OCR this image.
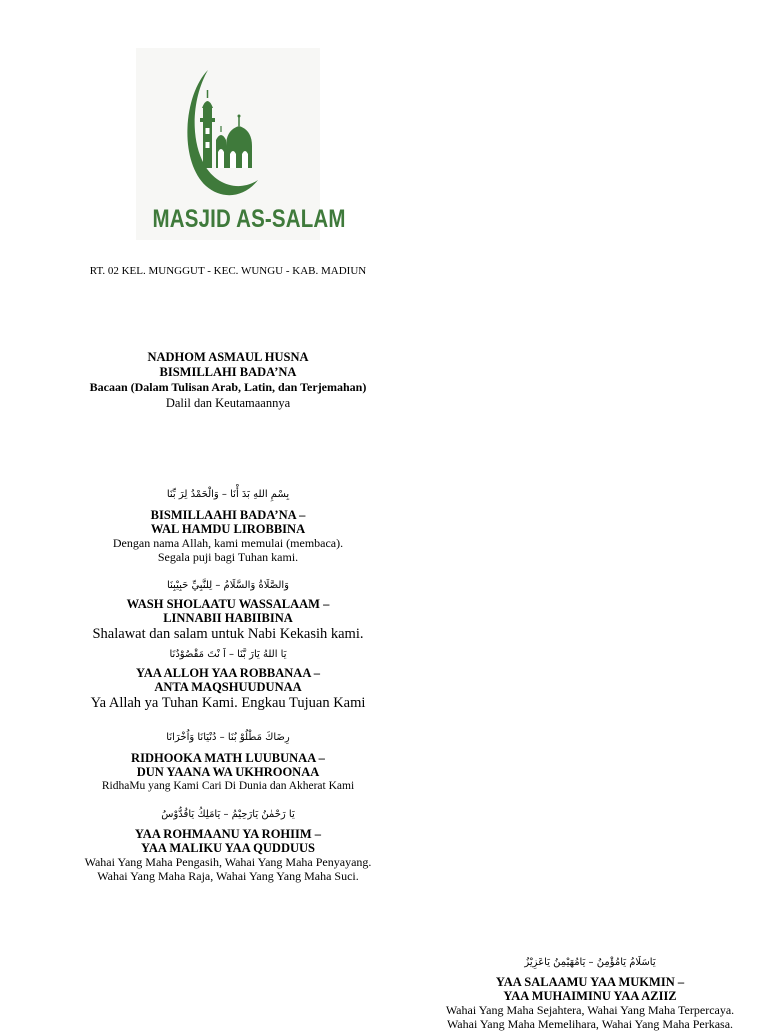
MASJID AS-SALAM
RT. 02 KEL. MUNGGUT - KEC. WUNGU - KAB. MADIUN
NADHOM ASMAUL HUSNA
BISMILLAHI BADA’NA
Bacaan (Dalam Tulisan Arab, Latin, dan Terjemahan)
Dalil dan Keutamaannya
بِسْمِ اللهِ بَدَ أْنَا – وَالْحَمْدُ لِرَ بِّنَا
BISMILLAAHI BADA’NA –
WAL HAMDU LIROBBINA
Dengan nama Allah, kami memulai (membaca).
Segala puji bagi Tuhan kami.
وَالصَّلَاةُ وَالسَّلَامُ – لِلنَّبِيِّ حَبِيْبِنَا
WASH SHOLAATU WASSALAAM –
LINNABII HABIIBINA
Shalawat dan salam untuk Nabi Kekasih kami.
يَا اللهُ يَارَ بَّنَا – اَ نْتَ مَقْصُوْدُنَا
YAA ALLOH YAA ROBBANAA –
ANTA MAQSHUUDUNAA
Ya Allah ya Tuhan Kami. Engkau Tujuan Kami
رِضَاكَ مَطْلُوْ بُنَا – دُنْيَانَا وَاُخْرَانَا
RIDHOOKA MATH LUUBUNAA –
DUN YAANA WA UKHROONAA
RidhaMu yang Kami Cari Di Dunia dan Akherat Kami
يَا رَحْمٰنُ يَارَحِيْمُ – يَامَلِكُ يَاقُدُّوْسُ
YAA ROHMAANU YA ROHIIM –
YAA MALIKU YAA QUDDUUS
Wahai Yang Maha Pengasih, Wahai Yang Maha Penyayang.
Wahai Yang Maha Raja, Wahai Yang Yang Maha Suci.
يَاسَلَامُ يَامُؤْمِنُ – يَامُهَيْمِنُ يَاعَزِيْزُ
YAA SALAAMU YAA MUKMIN –
YAA MUHAIMINU YAA AZIIZ
Wahai Yang Maha Sejahtera, Wahai Yang Maha Terpercaya.
Wahai Yang Maha Memelihara, Wahai Yang Maha Perkasa.
